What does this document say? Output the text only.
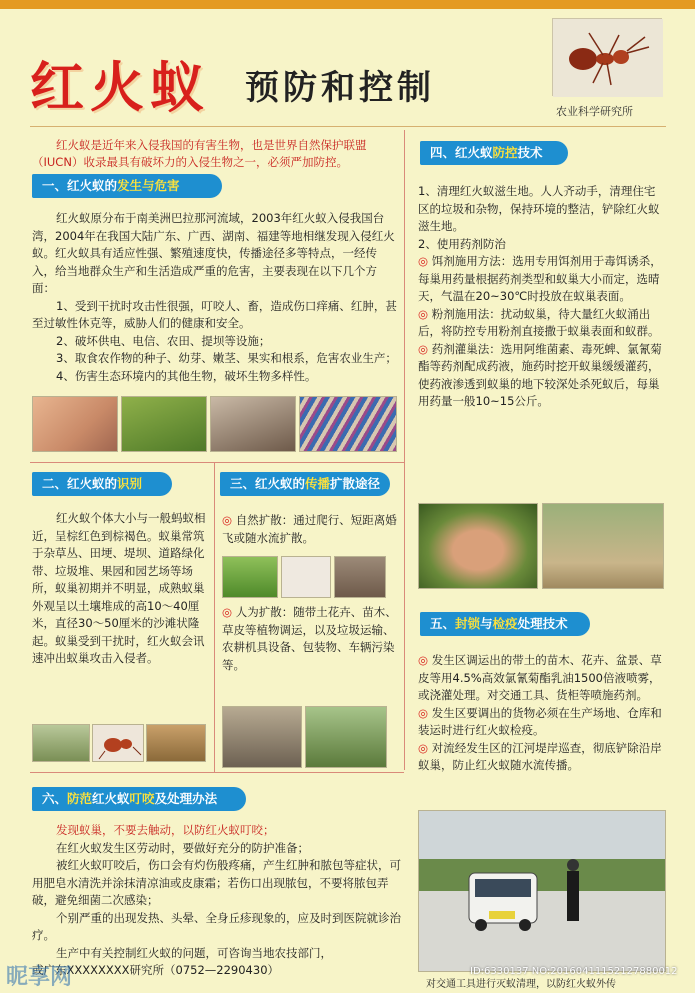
红火蚁 预防和控制
农业科学研究所
红火蚁是近年来入侵我国的有害生物，也是世界自然保护联盟（IUCN）收录最具有破坏力的入侵生物之一，必须严加防控。
一、红火蚁的发生与危害

红火蚁原分布于南美洲巴拉那河流域，2003年红火蚁入侵我国台湾，2004年在我国大陆广东、广西、湖南、福建等地相继发现入侵红火蚁。红火蚁具有适应性强、繁殖速度快，传播途径多等特点，一经传入，给当地群众生产和生活造成严重的危害，主要表现在以下几个方面：

1、受到干扰时攻击性很强，叮咬人、畜，造成伤口痒痛、红肿，甚至过敏性休克等，威胁人们的健康和安全。

2、破坏供电、电信、农田、提坝等设施；

3、取食农作物的种子、幼芽、嫩茎、果实和根系，危害农业生产；

4、伤害生态环境内的其他生物，破坏生物多样性。

二、红火蚁的识别

红火蚁个体大小与一般蚂蚁相近，呈棕红色到棕褐色。蚁巢常筑于杂草丛、田埂、堤坝、道路绿化带、垃圾堆、果园和园艺场等场所，蚁巢初期并不明显，成熟蚁巢外观呈以土壤堆成的高10～40厘米，直径30～50厘米的沙滩状隆起。蚁巢受到干扰时，红火蚁会讯速冲出蚁巢攻击入侵者。

三、红火蚁的传播扩散途径

◎ 自然扩散：通过爬行、短距离婚飞或随水流扩散。

◎ 人为扩散：随带土花卉、苗木、草皮等植物调运，以及垃圾运输、农耕机具设备、包装物、车辆污染等。

四、红火蚁防控技术

1、清理红火蚁滋生地。人人齐动手，清理住宅区的垃圾和杂物，保持环境的整洁，铲除红火蚁滋生地。

2、使用药剂防治

◎ 饵剂施用方法：选用专用饵剂用于毒饵诱杀，每巢用药量根据药剂类型和蚁巢大小而定，选晴天，气温在20~30℃时投放在蚁巢表面。

◎ 粉剂施用法：扰动蚁巢，待大量红火蚁涌出后，将防控专用粉剂直接撒于蚁巢表面和蚁群。

◎ 药剂灌巢法：选用阿维菌素、毒死蜱、氯氰菊酯等药剂配成药液，施药时挖开蚁巢缓缓灌药，使药液渗透到蚁巢的地下较深处杀死蚁后，每巢用药量一般10~15公斤。

五、封锁与检疫处理技术

◎ 发生区调运出的带土的苗木、花卉、盆景、草皮等用4.5%高效氯氰菊酯乳油1500倍液喷雾，或浇灌处理。对交通工具、货柜等喷施药剂。

◎ 发生区要调出的货物必须在生产场地、仓库和装运时进行红火蚁检疫。

◎ 对流经发生区的江河堤岸巡查，彻底铲除沿岸蚁巢，防止红火蚁随水流传播。

对交通工具进行灭蚁清理，以防红火蚁外传
六、防范红火蚁叮咬及处理办法

发现蚁巢，不要去触动，以防红火蚁叮咬；

在红火蚁发生区劳动时，要做好充分的防护准备；

被红火蚁叮咬后，伤口会有灼伤般疼痛，产生红肿和脓包等症状，可用肥皂水清洗并涂抹清凉油或皮康霜；若伤口出现脓包，不要将脓包弄破，避免细菌二次感染；

个别严重的出现发热、头晕、全身丘疹现象的，应及时到医院就诊治疗。

生产中有关控制红火蚁的问题，可咨询当地农技部门，

或广东XXXXXXXX研究所（0752—2290430）

昵享网	ID:6330137 NO:20160411152127880012
